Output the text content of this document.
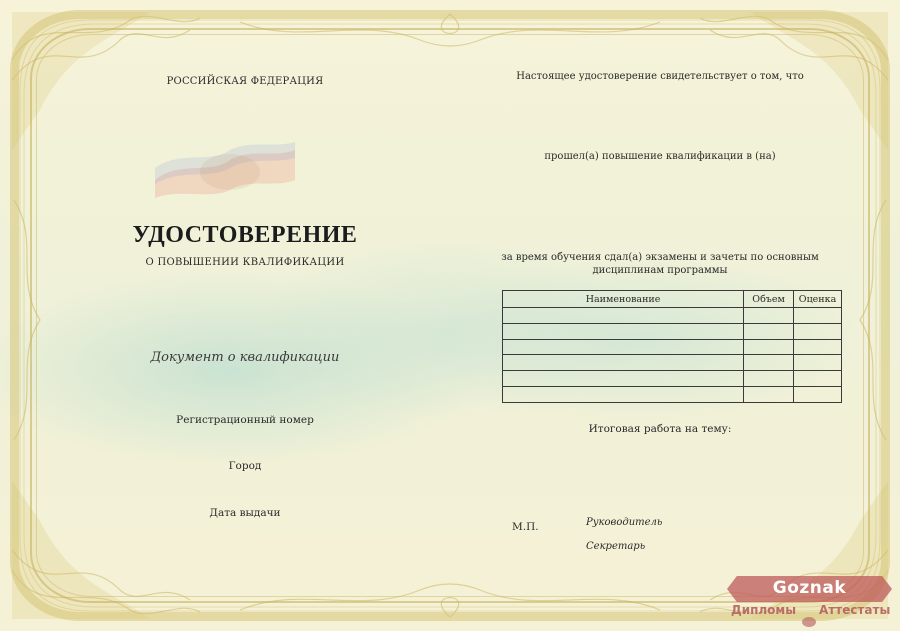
РОССИЙСКАЯ ФЕДЕРАЦИЯ
УДОСТОВЕРЕНИЕ
О ПОВЫШЕНИИ КВАЛИФИКАЦИИ
Документ о квалификации
Регистрационный номер
Город
Дата выдачи
Настоящее удостоверение свидетельствует о том, что
прошел(а) повышение квалификации в (на)
за время обучения сдал(а) экзамены и зачеты по основным дисциплинам программы
Наименование	Объем	Оценка

Итоговая работа на тему:
М.П.	Руководитель
Секретарь
Goznak
Дипломы Аттестаты
